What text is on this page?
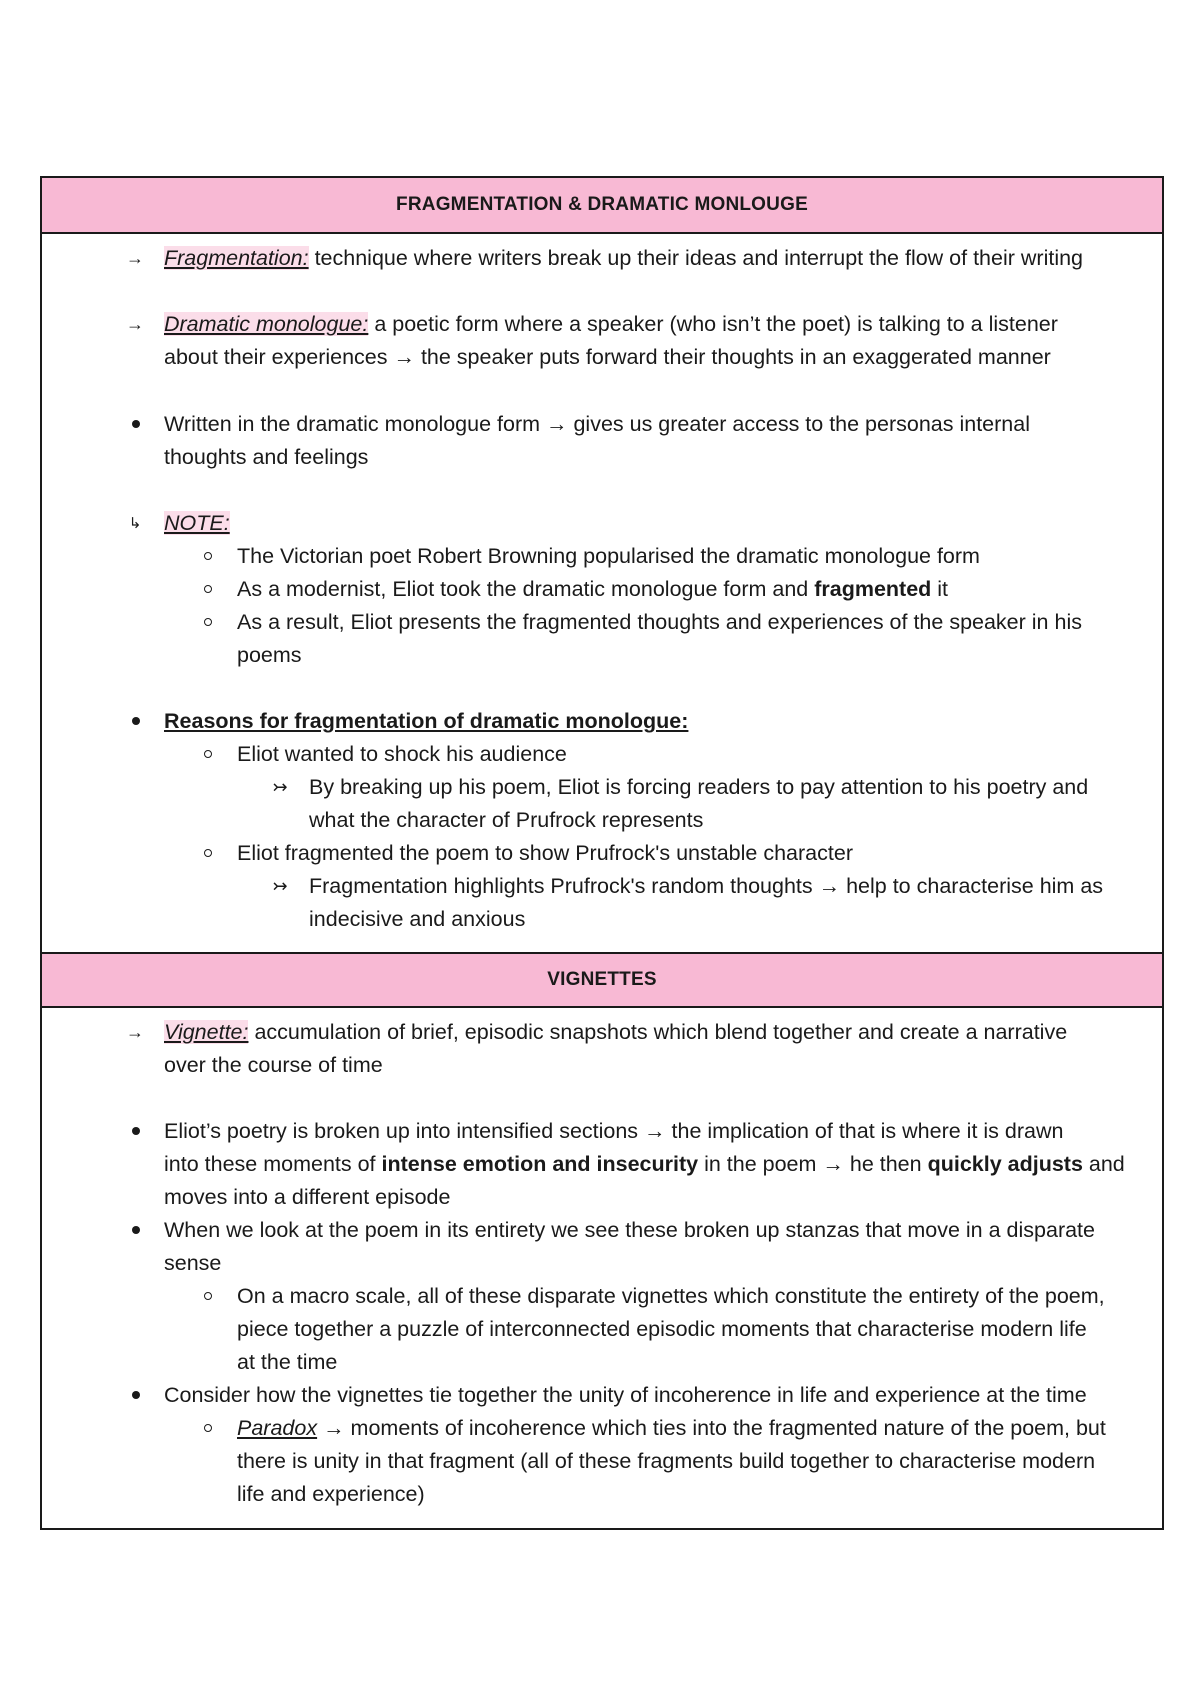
FRAGMENTATION & DRAMATIC MONLOUGE
→ Fragmentation: technique where writers break up their ideas and interrupt the flow of their writing
→ Dramatic monologue: a poetic form where a speaker (who isn’t the poet) is talking to a listener
about their experiences → the speaker puts forward their thoughts in an exaggerated manner
Written in the dramatic monologue form → gives us greater access to the personas internal
thoughts and feelings
↳ NOTE:
The Victorian poet Robert Browning popularised the dramatic monologue form
As a modernist, Eliot took the dramatic monologue form and fragmented it
As a result, Eliot presents the fragmented thoughts and experiences of the speaker in his
poems
Reasons for fragmentation of dramatic monologue:
Eliot wanted to shock his audience
↣ By breaking up his poem, Eliot is forcing readers to pay attention to his poetry and
what the character of Prufrock represents
Eliot fragmented the poem to show Prufrock's unstable character
↣ Fragmentation highlights Prufrock's random thoughts → help to characterise him as
indecisive and anxious
VIGNETTES
→ Vignette: accumulation of brief, episodic snapshots which blend together and create a narrative
over the course of time
Eliot’s poetry is broken up into intensified sections → the implication of that is where it is drawn
into these moments of intense emotion and insecurity in the poem → he then quickly adjusts and
moves into a different episode
When we look at the poem in its entirety we see these broken up stanzas that move in a disparate
sense
On a macro scale, all of these disparate vignettes which constitute the entirety of the poem,
piece together a puzzle of interconnected episodic moments that characterise modern life
at the time
Consider how the vignettes tie together the unity of incoherence in life and experience at the time
Paradox → moments of incoherence which ties into the fragmented nature of the poem, but
there is unity in that fragment (all of these fragments build together to characterise modern
life and experience)
